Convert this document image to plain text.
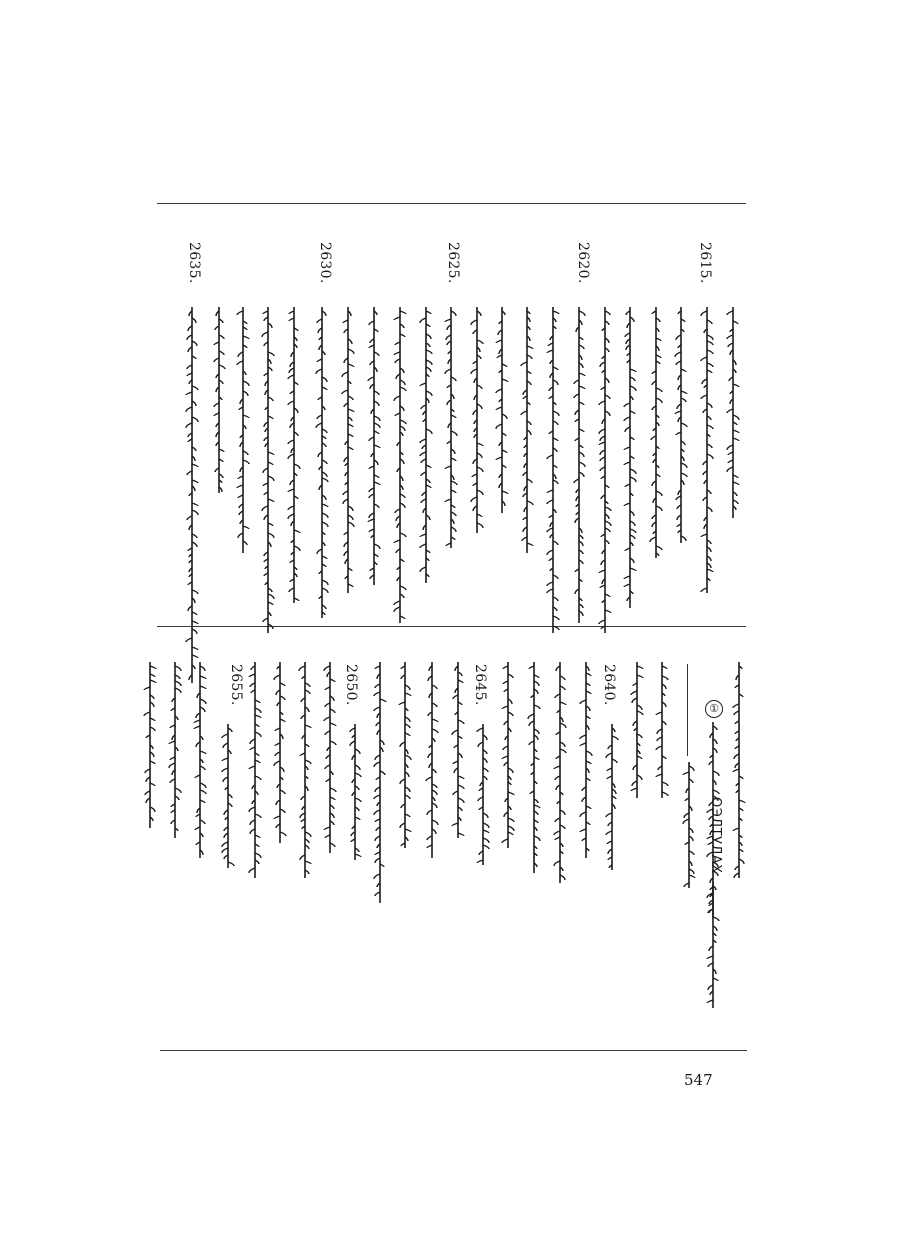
2635.	2630.	2625.	2620.	2615.
2655.	2650.	2645.	2640.
①
ОЭЛТУЛАХ
547
